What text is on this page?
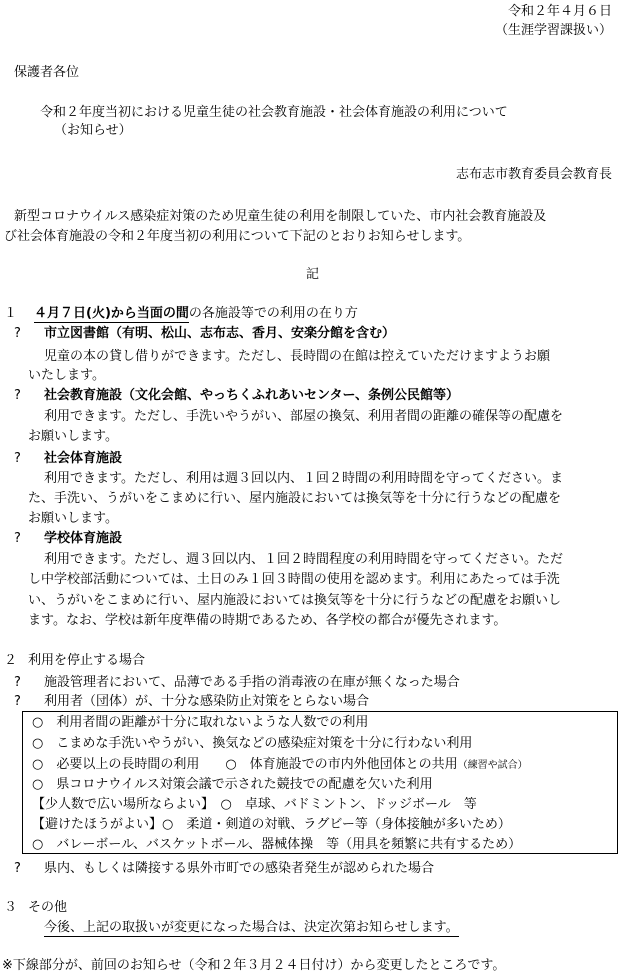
令和２年４月６日
（生涯学習課扱い）
保護者各位
令和２年度当初における児童生徒の社会教育施設・社会体育施設の利用について
（お知らせ）
志布志市教育委員会教育長
新型コロナウイルス感染症対策のため児童生徒の利用を制限していた、市内社会教育施設及
び社会体育施設の令和２年度当初の利用について下記のとおりお知らせします。
記
１ ４月７日(火)から当面の間の各施設等での利用の在り方
? 市立図書館（有明、松山、志布志、香月、安楽分館を含む）
児童の本の貸し借りができます。ただし、長時間の在館は控えていただけますようお願
いたします。
? 社会教育施設（文化会館、やっちくふれあいセンター、条例公民館等）
利用できます。ただし、手洗いやうがい、部屋の換気、利用者間の距離の確保等の配慮を
お願いします。
? 社会体育施設
利用できます。ただし、利用は週３回以内、１回２時間の利用時間を守ってください。ま
た、手洗い、うがいをこまめに行い、屋内施設においては換気等を十分に行うなどの配慮を
お願いします。
? 学校体育施設
利用できます。ただし、週３回以内、１回２時間程度の利用時間を守ってください。ただ
し中学校部活動については、土日のみ１回３時間の使用を認めます。利用にあたっては手洗
い、うがいをこまめに行い、屋内施設においては換気等を十分に行うなどの配慮をお願いし
ます。なお、学校は新年度準備の時期であるため、各学校の都合が優先されます。
２ 利用を停止する場合
? 施設管理者において、品薄である手指の消毒液の在庫が無くなった場合
? 利用者（団体）が、十分な感染防止対策をとらない場合
○　利用者間の距離が十分に取れないような人数での利用
○　こまめな手洗いやうがい、換気などの感染症対策を十分に行わない利用
○　必要以上の長時間の利用　　○　体育施設での市内外他団体との共用（練習や試合）
○　県コロナウイルス対策会議で示された競技での配慮を欠いた利用
【少人数で広い場所ならよい】　○　卓球、バドミントン、ドッジボール　等
【避けたほうがよい】○　柔道・剣道の対戦、ラグビー等（身体接触が多いため）
○　バレーボール、バスケットボール、器械体操　等（用具を頻繁に共有するため）
? 県内、もしくは隣接する県外市町での感染者発生が認められた場合
３ その他
今後、上記の取扱いが変更になった場合は、決定次第お知らせします。
※下線部分が、前回のお知らせ（令和２年３月２４日付け）から変更したところです。
